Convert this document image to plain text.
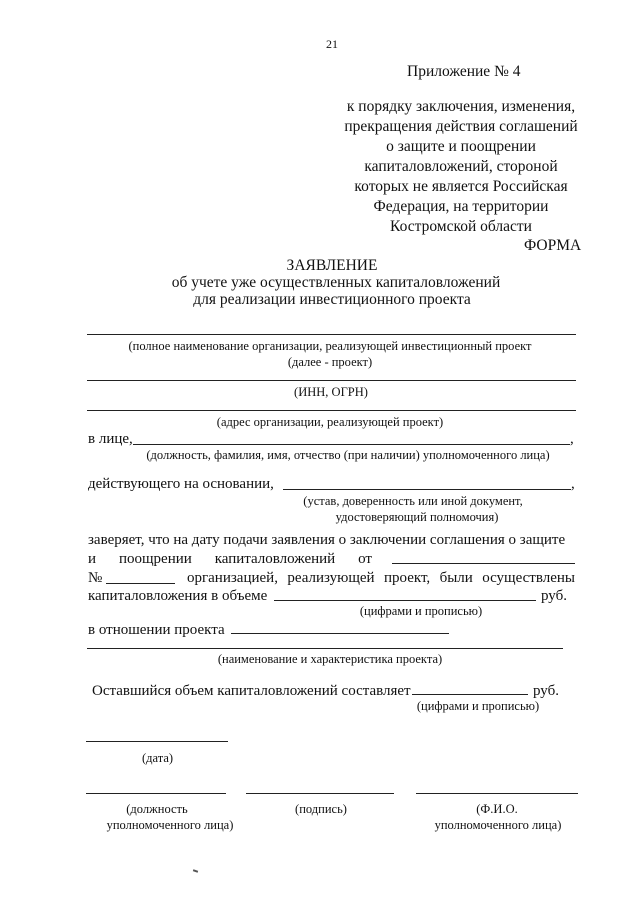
21
Приложение № 4
к порядку заключения, изменения,
прекращения действия соглашений
о защите и поощрении
капиталовложений, стороной
которых не является Российская
Федерация, на территории
Костромской области
ФОРМА
ЗАЯВЛЕНИЕ
об учете уже осуществленных капиталовложений
для реализации инвестиционного проекта
(полное наименование организации, реализующей инвестиционный проект
(далее - проект)
(ИНН, ОГРН)
(адрес организации, реализующей проект)
в лице,	,
(должность, фамилия, имя, отчество (при наличии) уполномоченного лица)
действующего на основании,	,
(устав, доверенность или иной документ,
удостоверяющий полномочия)
заверяет, что на дату подачи заявления о заключении соглашения о защите
и поощрении капиталовложений от
№	организацией, реализующей проект, были осуществлены
капиталовложения в объеме	руб.
(цифрами и прописью)
в отношении проекта
(наименование и характеристика проекта)
Оставшийся объем капиталовложений составляет	руб.
(цифрами и прописью)
(дата)
(должность
уполномоченного лица)
(подпись)	(Ф.И.О.
уполномоченного лица)
